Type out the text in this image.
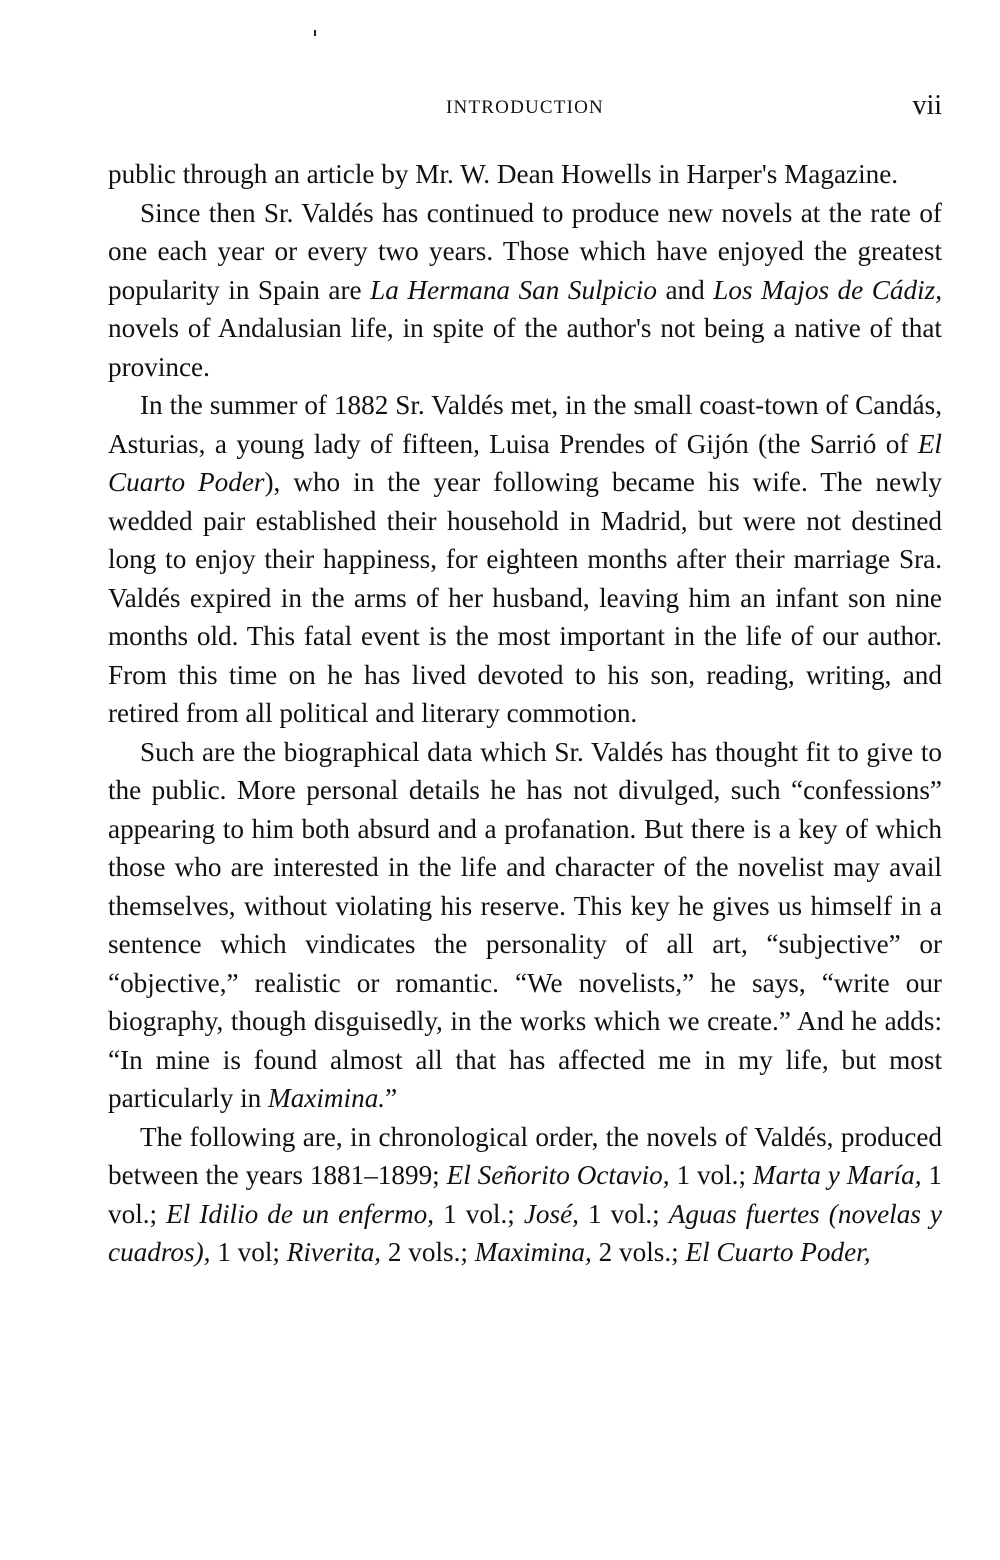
INTRODUCTION	vii

public through an article by Mr. W. Dean Howells in Harper's Magazine.

Since then Sr. Valdés has continued to produce new novels at the rate of one each year or every two years. Those which have enjoyed the greatest popularity in Spain are La Hermana San Sulpicio and Los Majos de Cádiz, novels of Andalusian life, in spite of the author's not being a native of that province.

In the summer of 1882 Sr. Valdés met, in the small coast-town of Candás, Asturias, a young lady of fifteen, Luisa Prendes of Gijón (the Sarrió of El Cuarto Poder), who in the year following became his wife. The newly wedded pair established their household in Madrid, but were not destined long to enjoy their happiness, for eighteen months after their marriage Sra. Valdés expired in the arms of her husband, leaving him an infant son nine months old. This fatal event is the most important in the life of our author. From this time on he has lived devoted to his son, reading, writing, and retired from all political and literary commotion.

Such are the biographical data which Sr. Valdés has thought fit to give to the public. More personal details he has not divulged, such “confessions” appearing to him both absurd and a profanation. But there is a key of which those who are interested in the life and character of the novelist may avail themselves, without violating his reserve. This key he gives us himself in a sentence which vindicates the personality of all art, “subjective” or “objective,” realistic or romantic. “We novelists,” he says, “write our biography, though disguisedly, in the works which we create.” And he adds: “In mine is found almost all that has affected me in my life, but most particularly in Maximina.”

The following are, in chronological order, the novels of Valdés, produced between the years 1881–1899; El Señorito Octavio, 1 vol.; Marta y María, 1 vol.; El Idilio de un enfermo, 1 vol.; José, 1 vol.; Aguas fuertes (novelas y cuadros), 1 vol; Riverita, 2 vols.; Maximina, 2 vols.; El Cuarto Poder,
